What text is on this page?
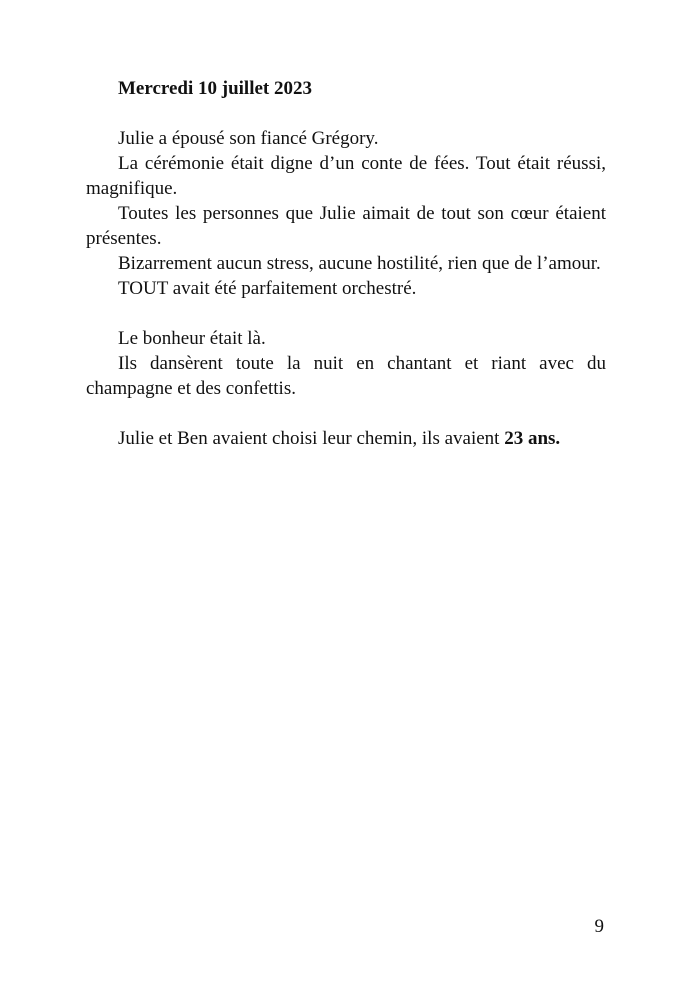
Mercredi 10 juillet 2023

Julie a épousé son fiancé Grégory.

La cérémonie était digne d’un conte de fées. Tout était réussi, magnifique.

Toutes les personnes que Julie aimait de tout son cœur étaient présentes.

Bizarrement aucun stress, aucune hostilité, rien que de l’amour.

TOUT avait été parfaitement orchestré.

Le bonheur était là.

Ils dansèrent toute la nuit en chantant et riant avec du champagne et des confettis.

Julie et Ben avaient choisi leur chemin, ils avaient 23 ans.

9
